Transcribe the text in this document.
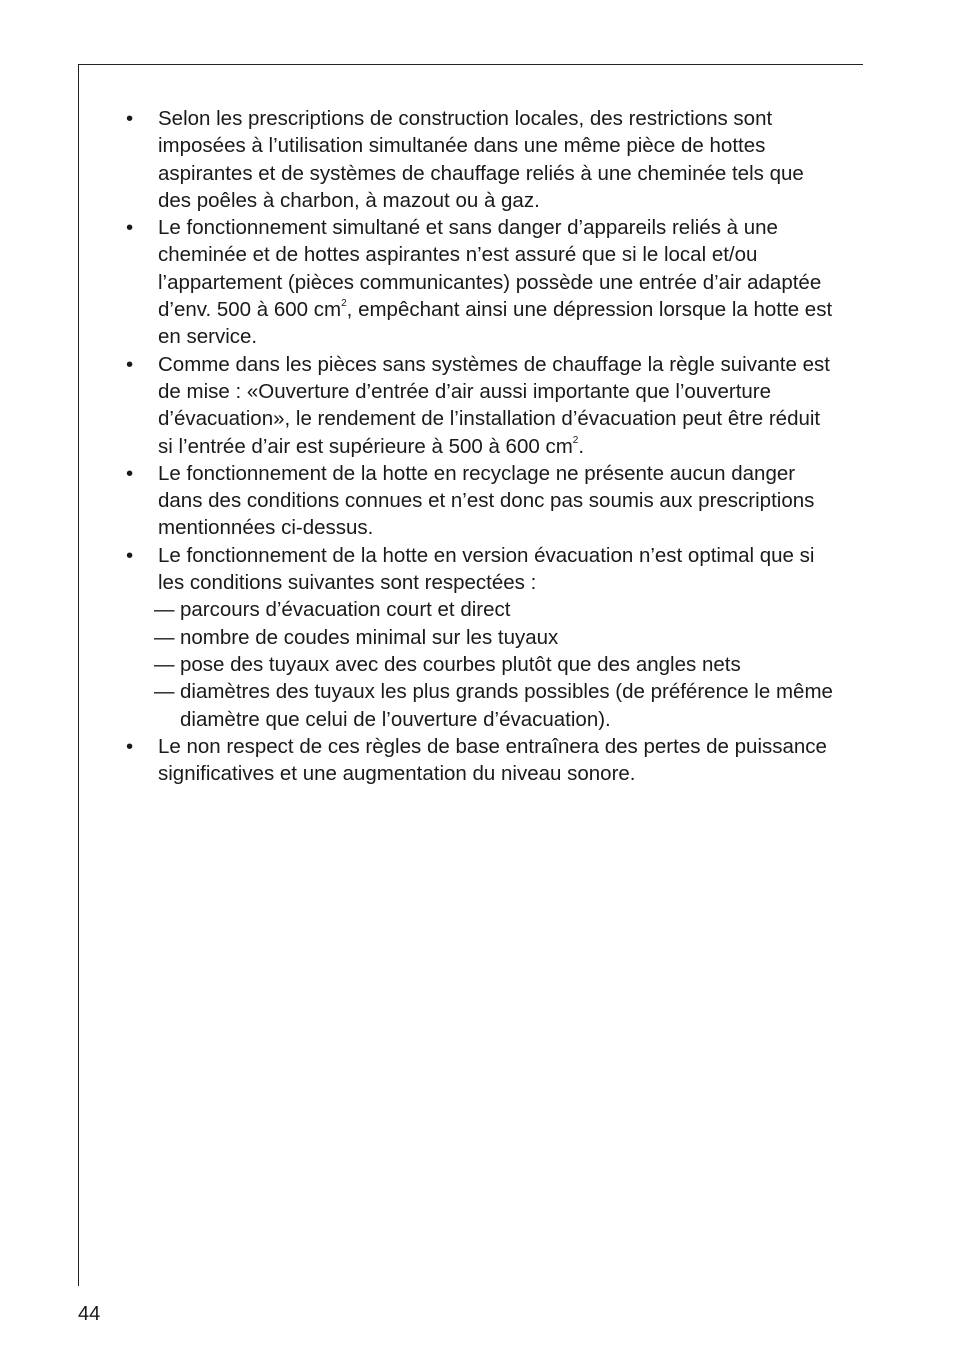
• Selon les prescriptions de construction locales, des restrictions sont imposées à l’utilisation simultanée dans une même pièce de hottes aspirantes et de systèmes de chauffage reliés à une cheminée tels que des poêles à charbon, à mazout ou à gaz.
• Le fonctionnement simultané et sans danger d’appareils reliés à une cheminée et de hottes aspirantes n’est assuré que si le local et/ou l’appartement (pièces communicantes) possède une entrée d’air adaptée d’env. 500 à 600 $cm^2$, empêchant ainsi une dépression lorsque la hotte est en service.
• Comme dans les pièces sans systèmes de chauffage la règle suivante est de mise : «Ouverture d’entrée d’air aussi importante que l’ouverture d’évacuation», le rendement de l’installation d’évacuation peut être réduit si l’entrée d’air est supérieure à 500 à 600 $cm^2$.
• Le fonctionnement de la hotte en recyclage ne présente aucun danger dans des conditions connues et n’est donc pas soumis aux prescriptions mentionnées ci-dessus.
• Le fonctionnement de la hotte en version évacuation n’est optimal que si les conditions suivantes sont respectées :
— parcours d’évacuation court et direct
— nombre de coudes minimal sur les tuyaux
— pose des tuyaux avec des courbes plutôt que des angles nets
— diamètres des tuyaux les plus grands possibles (de préférence le même diamètre que celui de l’ouverture d’évacuation).
• Le non respect de ces règles de base entraînera des pertes de puissance significatives et une augmentation du niveau sonore.
44
